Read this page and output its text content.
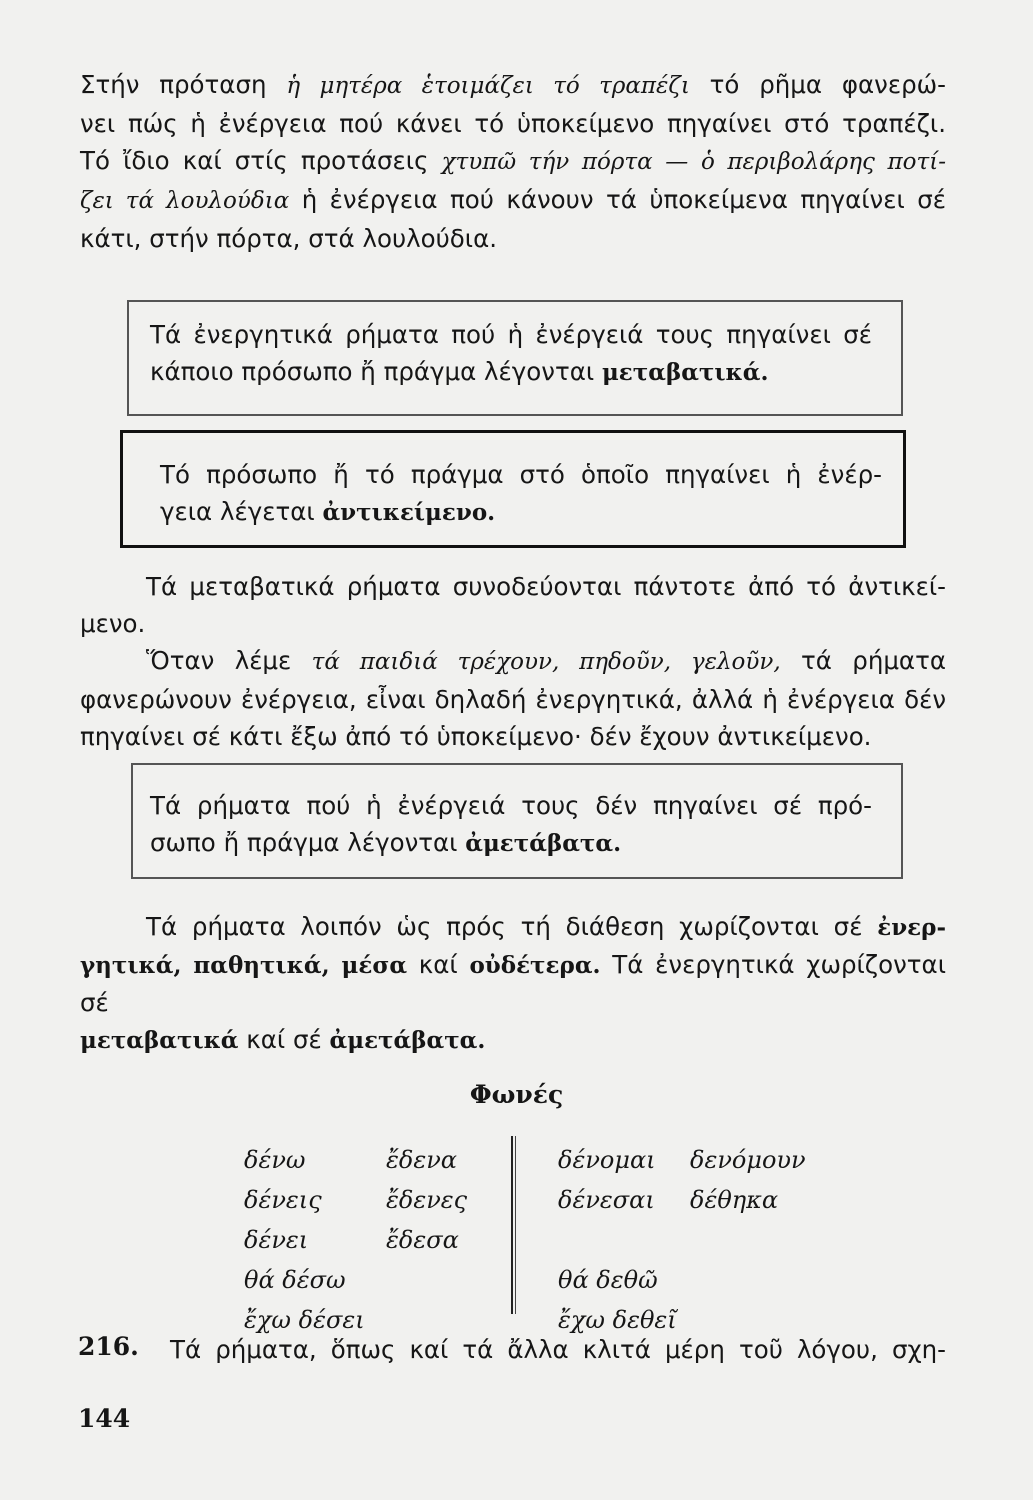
Στήν πρόταση ἡ μητέρα ἑτοιμάζει τό τραπέζι τό ρῆμα φανερώ-
νει πώς ἡ ἐνέργεια πού κάνει τό ὑποκείμενο πηγαίνει στό τραπέζι.
Τό ἴδιο καί στίς προτάσεις χτυπῶ τήν πόρτα — ὁ περιβολάρης ποτί-
ζει τά λουλούδια ἡ ἐνέργεια πού κάνουν τά ὑποκείμενα πηγαίνει σέ
κάτι, στήν πόρτα, στά λουλούδια.
Τά ἐνεργητικά ρήματα πού ἡ ἐνέργειά τους πηγαίνει σέ
κάποιο πρόσωπο ἤ πράγμα λέγονται μεταβατικά.
Τό πρόσωπο ἤ τό πράγμα στό ὁποῖο πηγαίνει ἡ ἐνέρ-
γεια λέγεται ἀντικείμενο.
Τά μεταβατικά ρήματα συνοδεύονται πάντοτε ἀπό τό ἀντικεί-
μενο.
Ὅταν λέμε τά παιδιά τρέχουν, πηδοῦν, γελοῦν, τά ρήματα
φανερώνουν ἐνέργεια, εἶναι δηλαδή ἐνεργητικά, ἀλλά ἡ ἐνέργεια δέν
πηγαίνει σέ κάτι ἔξω ἀπό τό ὑποκείμενο· δέν ἔχουν ἀντικείμενο.
Τά ρήματα πού ἡ ἐνέργειά τους δέν πηγαίνει σέ πρό-
σωπο ἤ πράγμα λέγονται ἀμετάβατα.
Τά ρήματα λοιπόν ὡς πρός τή διάθεση χωρίζονται σέ ἐνερ-
γητικά, παθητικά, μέσα καί οὐδέτερα. Τά ἐνεργητικά χωρίζονται σέ
μεταβατικά καί σέ ἀμετάβατα.
Φωνές
δένω
δένεις
δένει
θά δέσω
ἔχω δέσει
ἔδενα
ἔδενες
ἔδεσα
δένομαι
δένεσαι
θά δεθῶ
ἔχω δεθεῖ
δενόμουν
δέθηκα
216. Τά ρήματα, ὅπως καί τά ἄλλα κλιτά μέρη τοῦ λόγου, σχη-
144
